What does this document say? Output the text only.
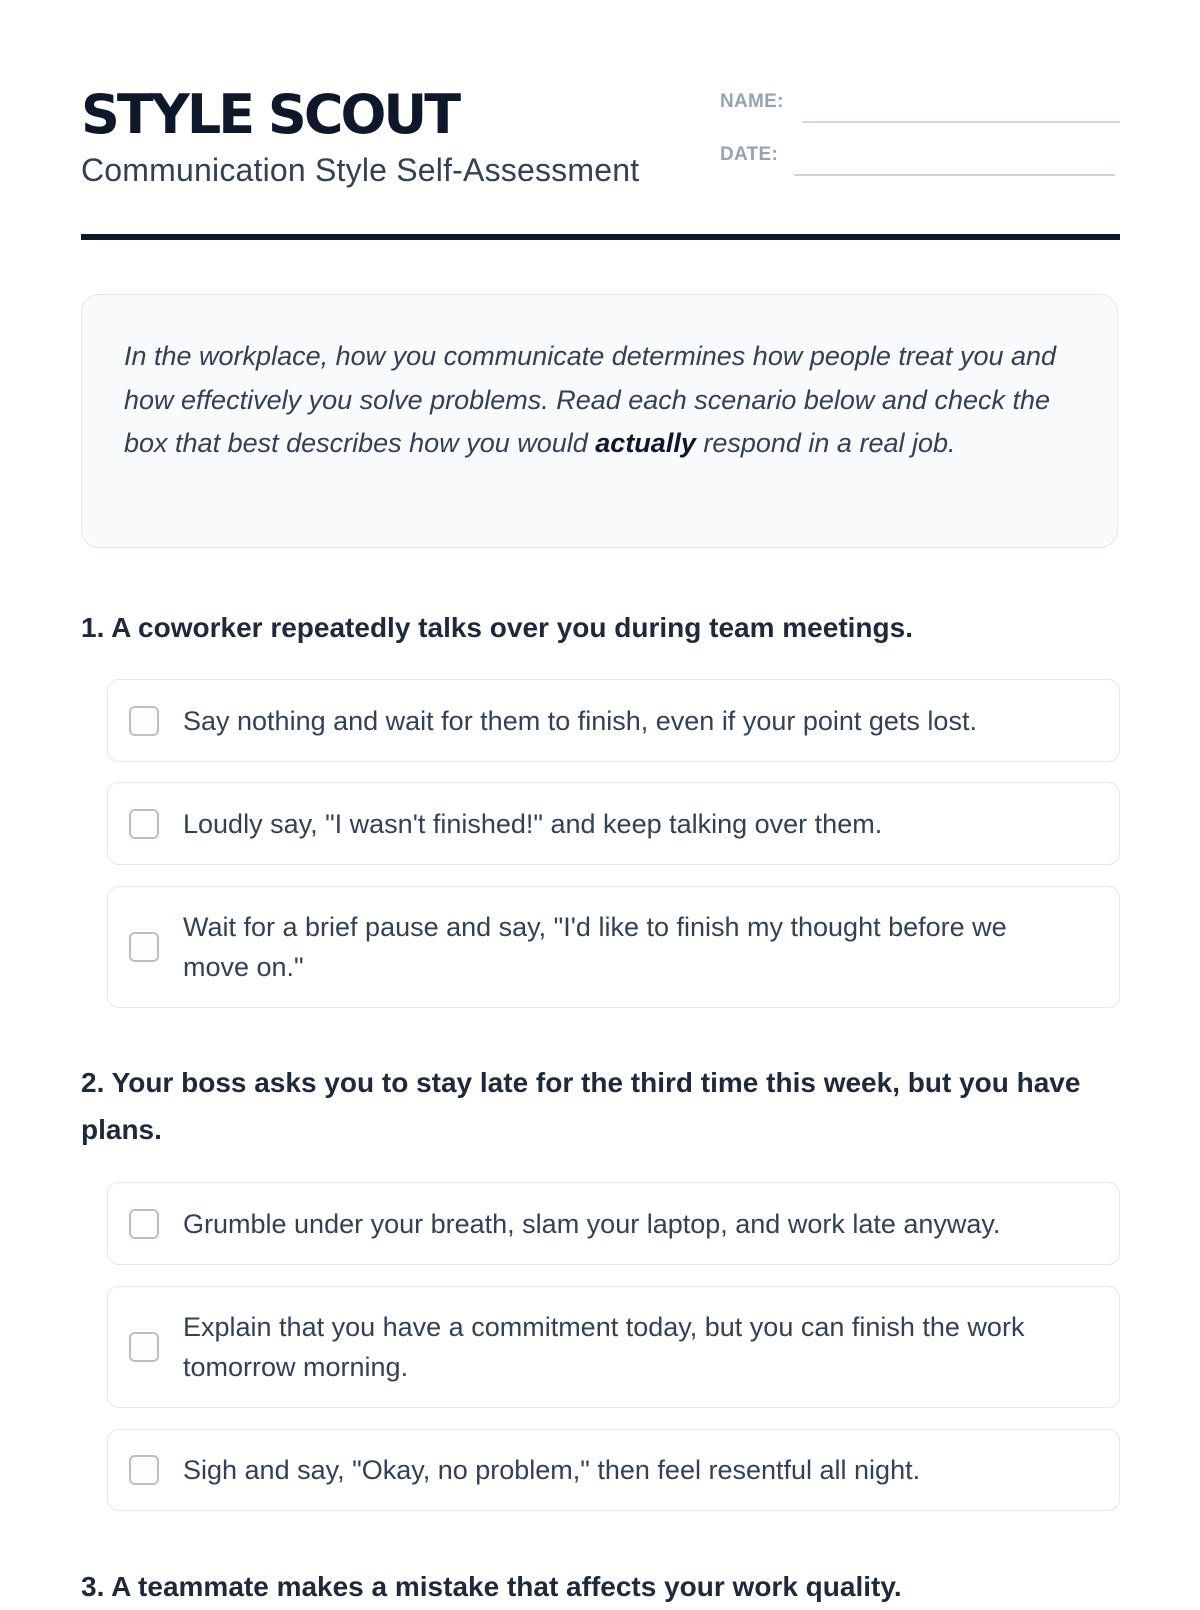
STYLE SCOUT
Communication Style Self-Assessment
NAME:
DATE:

In the workplace, how you communicate determines how people treat you and how effectively you solve problems. Read each scenario below and check the box that best describes how you would actually respond in a real job.

1. A coworker repeatedly talks over you during team meetings.
Say nothing and wait for them to finish, even if your point gets lost.
Loudly say, "I wasn't finished!" and keep talking over them.
Wait for a brief pause and say, "I'd like to finish my thought before we move on."
2. Your boss asks you to stay late for the third time this week, but you have plans.
Grumble under your breath, slam your laptop, and work late anyway.
Explain that you have a commitment today, but you can finish the work tomorrow morning.
Sigh and say, "Okay, no problem," then feel resentful all night.
3. A teammate makes a mistake that affects your work quality.
